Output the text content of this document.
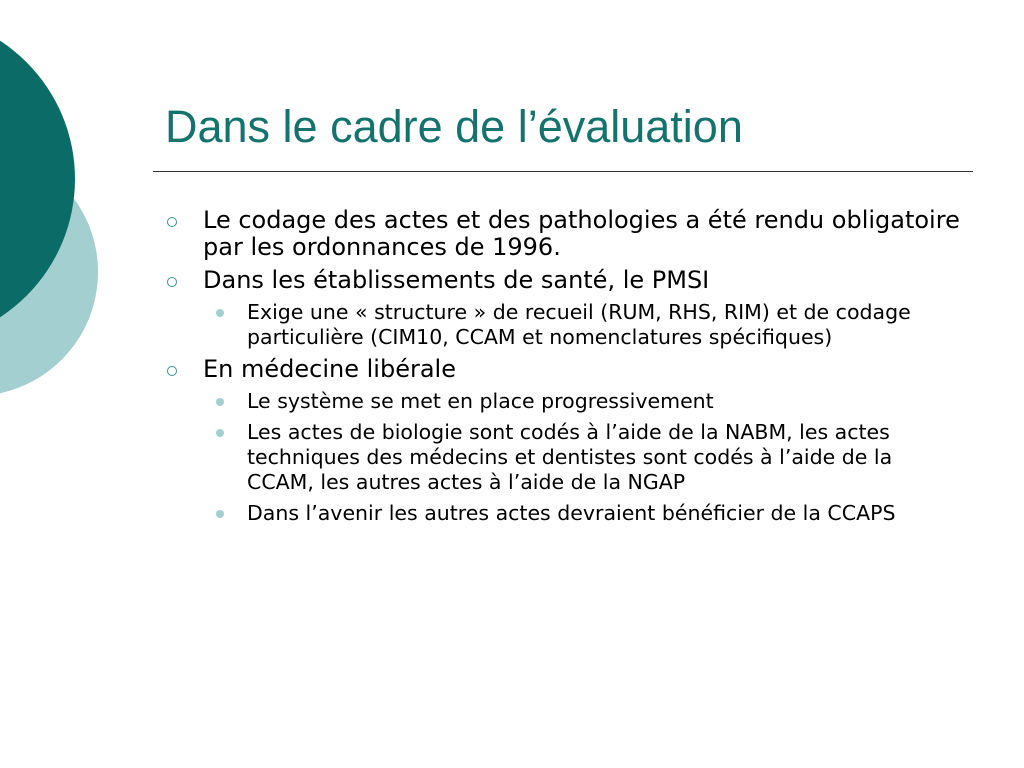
Dans le cadre de l’évaluation
Le codage des actes et des pathologies a été rendu obligatoire par les ordonnances de 1996.
Dans les établissements de santé, le PMSI
Exige une « structure » de recueil (RUM, RHS, RIM) et de codage particulière (CIM10, CCAM et nomenclatures spécifiques)
En médecine libérale
Le système se met en place progressivement
Les actes de biologie sont codés à l’aide de la NABM, les actes techniques des médecins et dentistes sont codés à l’aide de la CCAM, les autres actes à l’aide de la NGAP
Dans l’avenir les autres actes devraient bénéficier de la CCAPS
